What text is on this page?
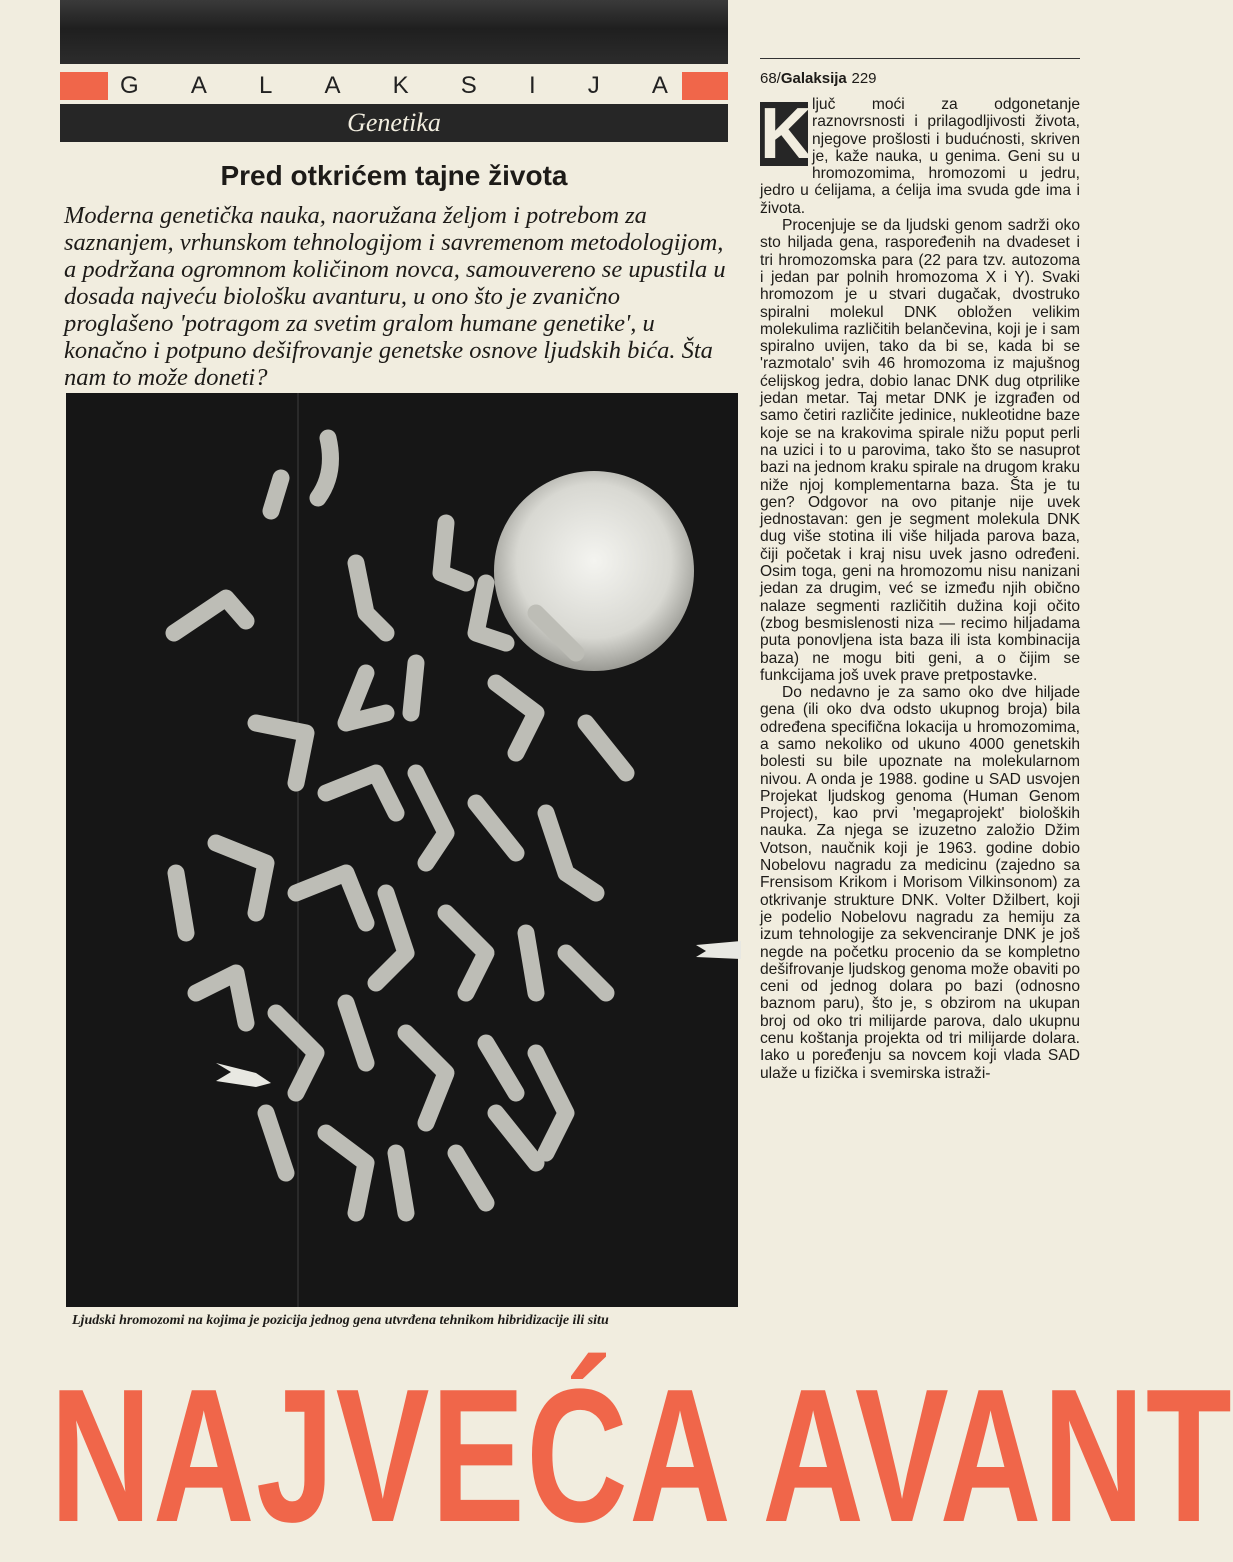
G A L A K S I J A
Genetika
Pred otkrićem tajne života

Moderna genetička nauka, naoružana željom i potrebom za saznanjem, vrhunskom tehnologijom i savremenom metodologijom, a podržana ogromnom količinom novca, samouvereno se upustila u dosada najveću biološku avanturu, u ono što je zvanično proglašeno 'potragom za svetim gralom humane genetike', u konačno i potpuno dešifrovanje genetske osnove ljudskih bića. Šta nam to može doneti?

Ljudski hromozomi na kojima je pozicija jednog gena utvrđena tehnikom hibridizacije ili situ

NAJVEĆA AVANT
68/Galaksija 229

K ljuč moći za odgonetanje raznovrsnosti i prilagodljivosti života, njegove prošlosti i budućnosti, skriven je, kaže nauka, u genima. Geni su u hromozomima, hromozomi u jedru, jedro u ćelijama, a ćelija ima svuda gde ima i života.

Procenjuje se da ljudski genom sadrži oko sto hiljada gena, raspoređenih na dvadeset i tri hromozomska para (22 para tzv. autozoma i jedan par polnih hromozoma X i Y). Svaki hromozom je u stvari dugačak, dvostruko spiralni molekul DNK obložen velikim molekulima različitih belančevina, koji je i sam spiralno uvijen, tako da bi se, kada bi se 'razmotalo' svih 46 hromozoma iz majušnog ćelijskog jedra, dobio lanac DNK dug otprilike jedan metar. Taj metar DNK je izgrađen od samo četiri različite jedinice, nukleotidne baze koje se na krakovima spirale nižu poput perli na uzici i to u parovima, tako što se nasuprot bazi na jednom kraku spirale na drugom kraku niže njoj komplementarna baza. Šta je tu gen? Odgovor na ovo pitanje nije uvek jednostavan: gen je segment molekula DNK dug više stotina ili više hiljada parova baza, čiji početak i kraj nisu uvek jasno određeni. Osim toga, geni na hromozomu nisu nanizani jedan za drugim, već se između njih obično nalaze segmenti različitih dužina koji očito (zbog besmislenosti niza — recimo hiljadama puta ponovljena ista baza ili ista kombinacija baza) ne mogu biti geni, a o čijim se funkcijama još uvek prave pretpostavke.

Do nedavno je za samo oko dve hiljade gena (ili oko dva odsto ukupnog broja) bila određena specifična lokacija u hromozomima, a samo nekoliko od ukuno 4000 genetskih bolesti su bile upoznate na molekularnom nivou. A onda je 1988. godine u SAD usvojen Projekat ljudskog genoma (Human Genom Project), kao prvi 'megaprojekt' bioloških nauka. Za njega se izuzetno založio Džim Votson, naučnik koji je 1963. godine dobio Nobelovu nagradu za medicinu (zajedno sa Frensisom Krikom i Morisom Vilkinsonom) za otkrivanje strukture DNK. Volter Džilbert, koji je podelio Nobelovu nagradu za hemiju za izum tehnologije za sekvenciranje DNK je još negde na početku procenio da se kompletno dešifrovanje ljudskog genoma može obaviti po ceni od jednog dolara po bazi (odnosno baznom paru), što je, s obzirom na ukupan broj od oko tri milijarde parova, dalo ukupnu cenu koštanja projekta od tri milijarde dolara. Iako u poređenju sa novcem koji vlada SAD ulaže u fizička i svemirska istraži-
